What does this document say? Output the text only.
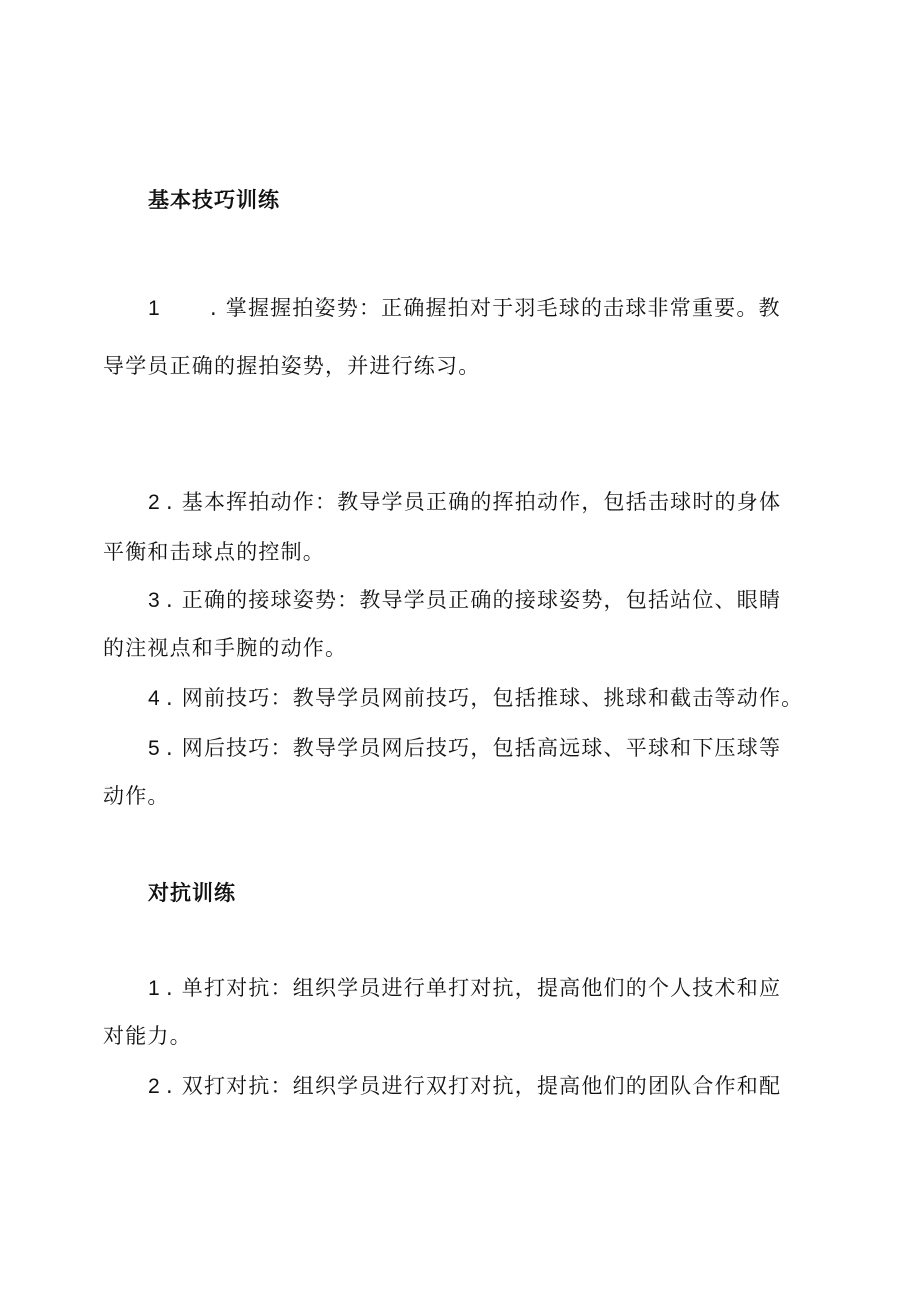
基本技巧训练
1 . 掌握握拍姿势：正确握拍对于羽毛球的击球非常重要。教
导学员正确的握拍姿势，并进行练习。
2 . 基本挥拍动作：教导学员正确的挥拍动作，包括击球时的身体
平衡和击球点的控制。
3 . 正确的接球姿势：教导学员正确的接球姿势，包括站位、眼睛
的注视点和手腕的动作。
4 . 网前技巧：教导学员网前技巧，包括推球、挑球和截击等动作。
5 . 网后技巧：教导学员网后技巧，包括高远球、平球和下压球等
动作。
对抗训练
1 . 单打对抗：组织学员进行单打对抗，提高他们的个人技术和应
对能力。
2 . 双打对抗：组织学员进行双打对抗，提高他们的团队合作和配
